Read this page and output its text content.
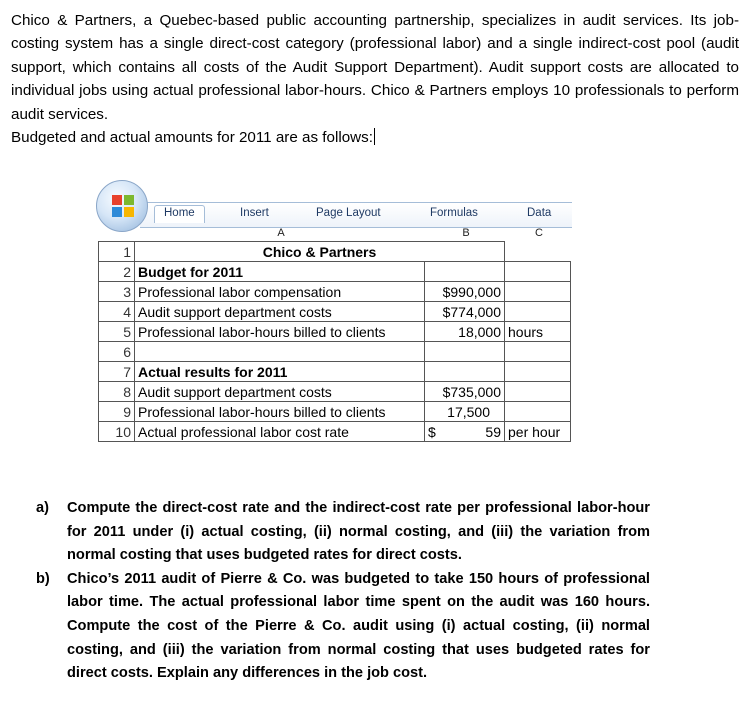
Chico & Partners, a Quebec-based public accounting partnership, specializes in audit services. Its job-costing system has a single direct-cost category (professional labor) and a single indirect-cost pool (audit support, which contains all costs of the Audit Support Department). Audit support costs are allocated to individual jobs using actual professional labor-hours. Chico & Partners employs 10 professionals to perform audit services.

Budgeted and actual amounts for 2011 are as follows:

Home	Insert	Page Layout	Formulas	Data
A	B	C
1	Chico & Partners		
2	Budget for 2011		
3	Professional labor compensation	$990,000	
4	Audit support department costs	$774,000	
5	Professional labor-hours billed to clients	18,000	hours
6			
7	Actual results for 2011		
8	Audit support department costs	$735,000	
9	Professional labor-hours billed to clients	17,500	
10	Actual professional labor cost rate	$ 59	per hour

a) Compute the direct-cost rate and the indirect-cost rate per professional labor-hour for 2011 under (i) actual costing, (ii) normal costing, and (iii) the variation from normal costing that uses budgeted rates for direct costs.

b) Chico’s 2011 audit of Pierre & Co. was budgeted to take 150 hours of professional labor time. The actual professional labor time spent on the audit was 160 hours. Compute the cost of the Pierre & Co. audit using (i) actual costing, (ii) normal costing, and (iii) the variation from normal costing that uses budgeted rates for direct costs. Explain any differences in the job cost.
